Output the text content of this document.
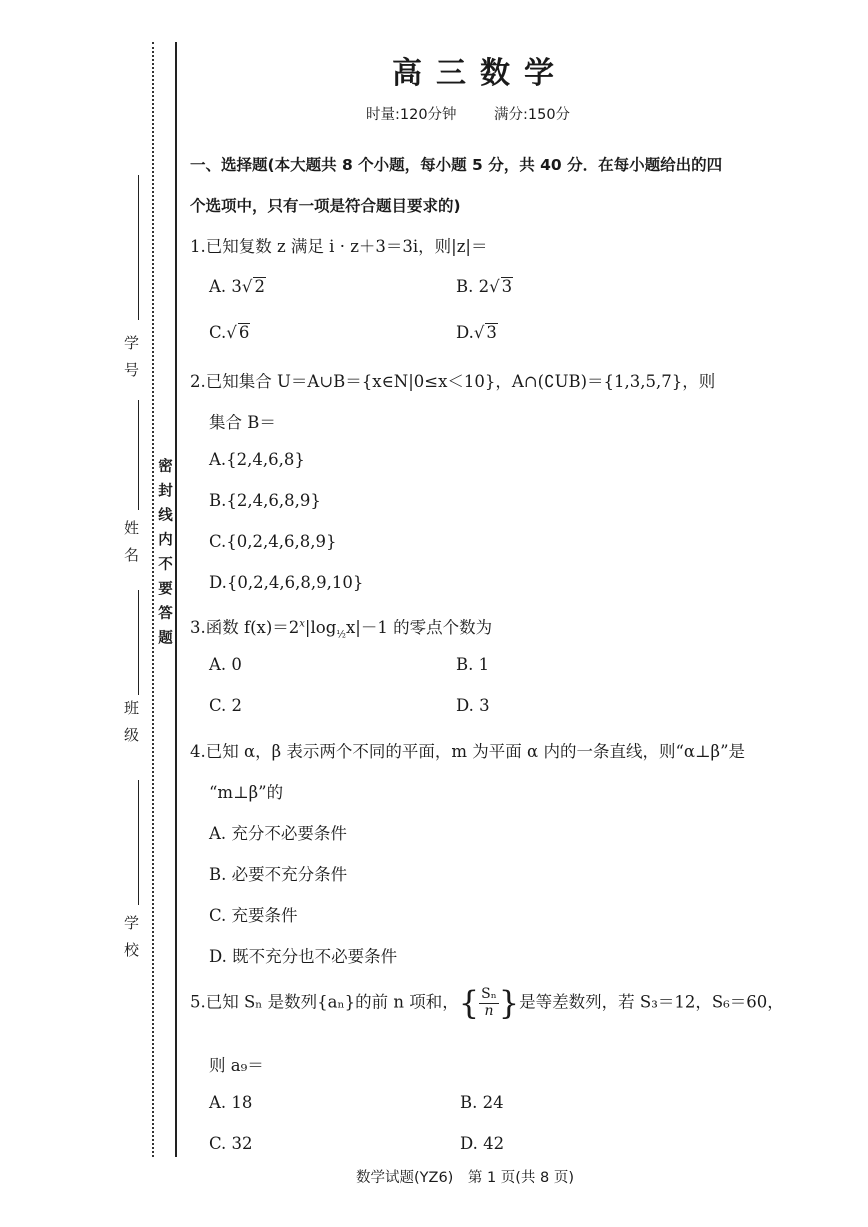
学号
姓名
班级
学校
密封线内不要答题
高三数学
时量:120分钟	满分:150分
一、选择题(本大题共 8 个小题，每小题 5 分，共 40 分．在每小题给出的四
个选项中，只有一项是符合题目要求的)
1.已知复数 z 满足 i · z＋3＝3i，则|z|＝
A. 3√ 2	B. 2√ 3
C.√ 6	D.√ 3
2.已知集合 U＝A∪B＝{x∈N|0≤x＜10}，A∩(∁UB)＝{1,3,5,7}，则
集合 B＝
A.{2,4,6,8}
B.{2,4,6,8,9}
C.{0,2,4,6,8,9}
D.{0,2,4,6,8,9,10}
3.函数 $f(x)=2^x|\log_{\frac{1}{2}}x|-1$ 的零点个数为
A. 0	B. 1
C. 2	D. 3
4.已知 α，β 表示两个不同的平面，m 为平面 α 内的一条直线，则“α⊥β”是
“m⊥β”的
A. 充分不必要条件
B. 必要不充分条件
C. 充要条件
D. 既不充分也不必要条件
5.已知 Sₙ 是数列{aₙ}的前 n 项和，{ $\frac{\text{Sₙ}}{n}$ }是等差数列，若 S₃＝12，S₆＝60，
则 a₉＝
A. 18	B. 24
C. 32	D. 42
数学试题(YZ6)　第 1 页(共 8 页)
